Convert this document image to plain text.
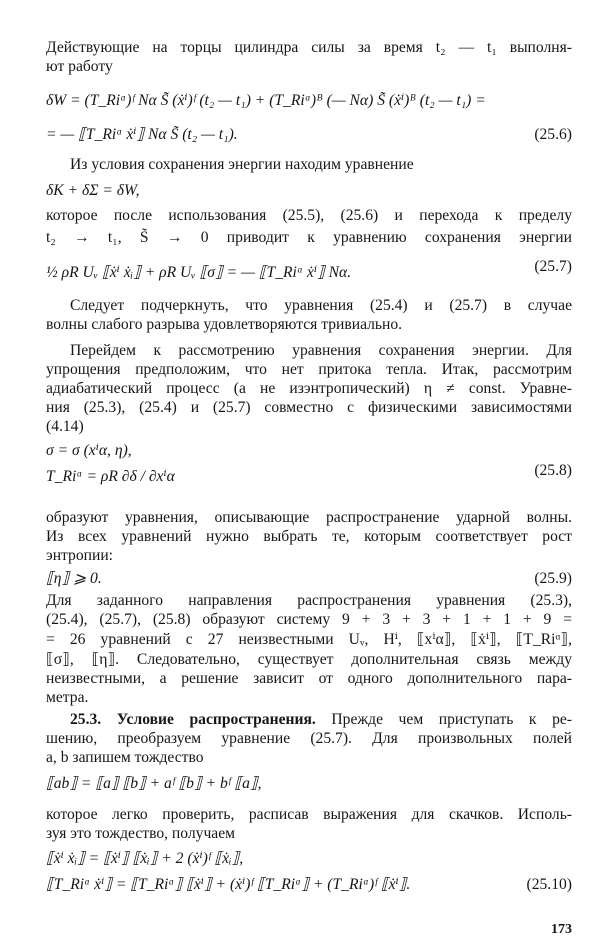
Действующие на торцы цилиндра силы за время t₂ — t₁ выполня-

ют работу

δW = (T_Riᵅ)ᶠ Nα S̃ (ẋⁱ)ᶠ (t₂ — t₁) + (T_Riᵅ)ᴮ (— Nα) S̃ (ẋⁱ)ᴮ (t₂ — t₁) =
= — ⟦T_Riᵅ ẋⁱ⟧ Nα S̃ (t₂ — t₁).	(25.6)

Из условия сохранения энергии находим уравнение

δK + δΣ = δW,

которое после использования (25.5), (25.6) и перехода к пределу

t₂ → t₁, S̃ → 0 приводит к уравнению сохранения энергии

½ ρR Uᵥ ⟦ẋⁱ ẋᵢ⟧ + ρR Uᵥ ⟦σ⟧ = — ⟦T_Riᵅ ẋⁱ⟧ Nα.	(25.7)

Следует подчеркнуть, что уравнения (25.4) и (25.7) в случае

волны слабого разрыва удовлетворяются тривиально.

Перейдем к рассмотрению уравнения сохранения энергии. Для

упрощения предположим, что нет притока тепла. Итак, рассмотрим

адиабатический процесс (а не изэнтропический) η ≠ const. Уравне-

ния (25.3), (25.4) и (25.7) совместно с физическими зависимостями

(4.14)

σ = σ (xⁱα, η),
T_Riᵅ = ρR ∂δ / ∂xⁱα	(25.8)

образуют уравнения, описывающие распространение ударной волны.

Из всех уравнений нужно выбрать те, которым соответствует рост

энтропии:

⟦η⟧ ⩾ 0.	(25.9)

Для заданного направления распространения уравнения (25.3),

(25.4), (25.7), (25.8) образуют систему 9 + 3 + 3 + 1 + 1 + 9 =

= 26 уравнений с 27 неизвестными Uᵥ, Hⁱ, ⟦xⁱα⟧, ⟦ẋⁱ⟧, ⟦T_Riᵅ⟧,

⟦σ⟧, ⟦η⟧. Следовательно, существует дополнительная связь между

неизвестными, а решение зависит от одного дополнительного пара-

метра.

25.3. Условие распространения. Прежде чем приступать к ре-

шению, преобразуем уравнение (25.7). Для произвольных полей

a, b запишем тождество

⟦ab⟧ = ⟦a⟧ ⟦b⟧ + aᶠ ⟦b⟧ + bᶠ ⟦a⟧,

которое легко проверить, расписав выражения для скачков. Исполь-

зуя это тождество, получаем

⟦ẋⁱ ẋᵢ⟧ = ⟦ẋⁱ⟧ ⟦ẋᵢ⟧ + 2 (ẋⁱ)ᶠ ⟦ẋᵢ⟧,
⟦T_Riᵅ ẋⁱ⟧ = ⟦T_Riᵅ⟧ ⟦ẋⁱ⟧ + (ẋⁱ)ᶠ ⟦T_Riᵅ⟧ + (T_Riᵅ)ᶠ ⟦ẋⁱ⟧.	(25.10)
173
